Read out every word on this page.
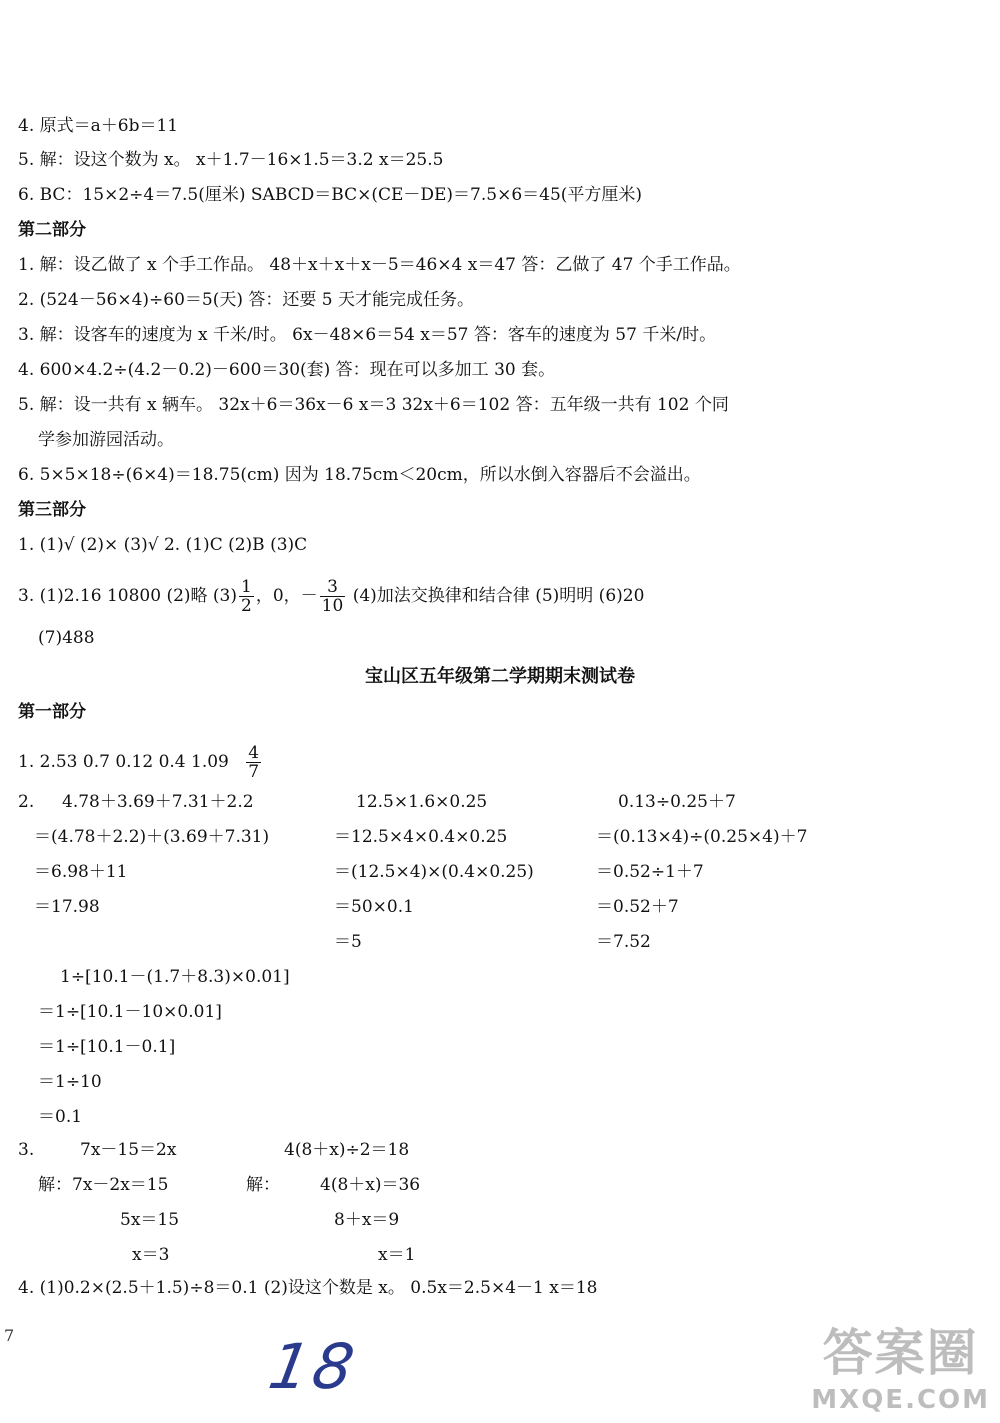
4. 原式＝a＋6b＝11
5. 解：设这个数为 x。 x＋1.7－16×1.5＝3.2 x＝25.5
6. BC：15×2÷4＝7.5(厘米) SABCD＝BC×(CE－DE)＝7.5×6＝45(平方厘米)
第二部分
1. 解：设乙做了 x 个手工作品。 48＋x＋x＋x－5＝46×4 x＝47 答：乙做了 47 个手工作品。
2. (524－56×4)÷60＝5(天) 答：还要 5 天才能完成任务。
3. 解：设客车的速度为 x 千米/时。 6x－48×6＝54 x＝57 答：客车的速度为 57 千米/时。
4. 600×4.2÷(4.2－0.2)－600＝30(套) 答：现在可以多加工 30 套。
5. 解：设一共有 x 辆车。 32x＋6＝36x－6 x＝3 32x＋6＝102 答：五年级一共有 102 个同
学参加游园活动。
6. 5×5×18÷(6×4)＝18.75(cm) 因为 18.75cm＜20cm，所以水倒入容器后不会溢出。
第三部分
1. (1)√ (2)× (3)√ 2. (1)C (2)B (3)C
3. (1)2.16 10800 (2)略 $(3) \frac{1}{2}$ ，0，－ $\frac{3}{10} (4)$加法交换律和结合律 (5)明明 (6)20
(7)488
宝山区五年级第二学期期末测试卷
第一部分
1. 2.53 0.7 0.12 0.4 $1.09 \frac{4}{7}$
2. 4.78＋3.69＋7.31＋2.2
＝(4.78＋2.2)＋(3.69＋7.31)
＝6.98＋11
＝17.98
12.5×1.6×0.25
＝12.5×4×0.4×0.25
＝(12.5×4)×(0.4×0.25)
＝50×0.1
＝5
0.13÷0.25＋7
＝(0.13×4)÷(0.25×4)＋7
＝0.52÷1＋7
＝0.52＋7
＝7.52
1÷[10.1－(1.7＋8.3)×0.01]
＝1÷[10.1－10×0.01]
＝1÷[10.1－0.1]
＝1÷10
＝0.1
3.	7x－15＝2x
解：7x－2x＝15
5x＝15
x＝3
4(8＋x)÷2＝18
解： 4(8＋x)＝36
8＋x＝9
x＝1
4. (1)0.2×(2.5＋1.5)÷8＝0.1 (2)设这个数是 x。 0.5x＝2.5×4－1 x＝18
7	18	答案圈
MXQE.COM
